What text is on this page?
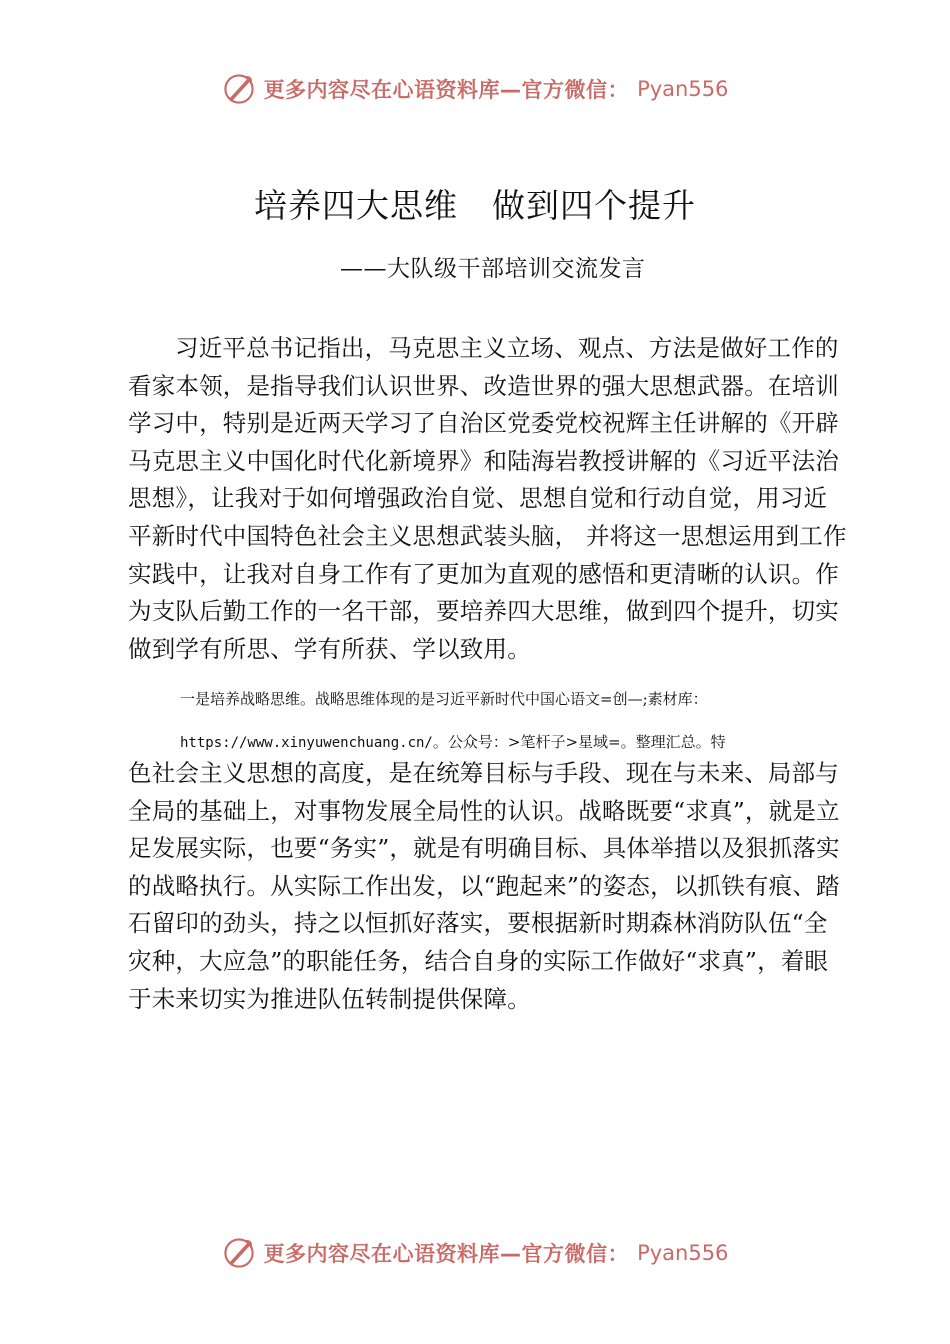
更多内容尽在心语资料库—官方微信： Pyan556
培养四大思维　做到四个提升
——大队级干部培训交流发言

习近平总书记指出，马克思主义立场、观点、方法是做好工作的看家本领，是指导我们认识世界、改造世界的强大思想武器。在培训学习中，特别是近两天学习了自治区党委党校祝辉主任讲解的《开辟马克思主义中国化时代化新境界》和陆海岩教授讲解的《习近平法治思想》，让我对于如何增强政治自觉、思想自觉和行动自觉，用习近平新时代中国特色社会主义思想武装头脑， 并将这一思想运用到工作实践中，让我对自身工作有了更加为直观的感悟和更清晰的认识。作为支队后勤工作的一名干部，要培养四大思维，做到四个提升，切实做到学有所思、学有所获、学以致用。

一是培养战略思维。战略思维体现的是习近平新时代中国心语文=创—;素材库：
https://www.xinyuwenchuang.cn/。公众号：>笔杆子>星域=。整理汇总。特

色社会主义思想的高度，是在统筹目标与手段、现在与未来、局部与全局的基础上，对事物发展全局性的认识。战略既要“求真”，就是立足发展实际，也要“务实”，就是有明确目标、具体举措以及狠抓落实的战略执行。从实际工作出发，以“跑起来”的姿态，以抓铁有痕、踏石留印的劲头，持之以恒抓好落实，要根据新时期森林消防队伍“全灾种，大应急”的职能任务，结合自身的实际工作做好“求真”，着眼于未来切实为推进队伍转制提供保障。

更多内容尽在心语资料库—官方微信： Pyan556
